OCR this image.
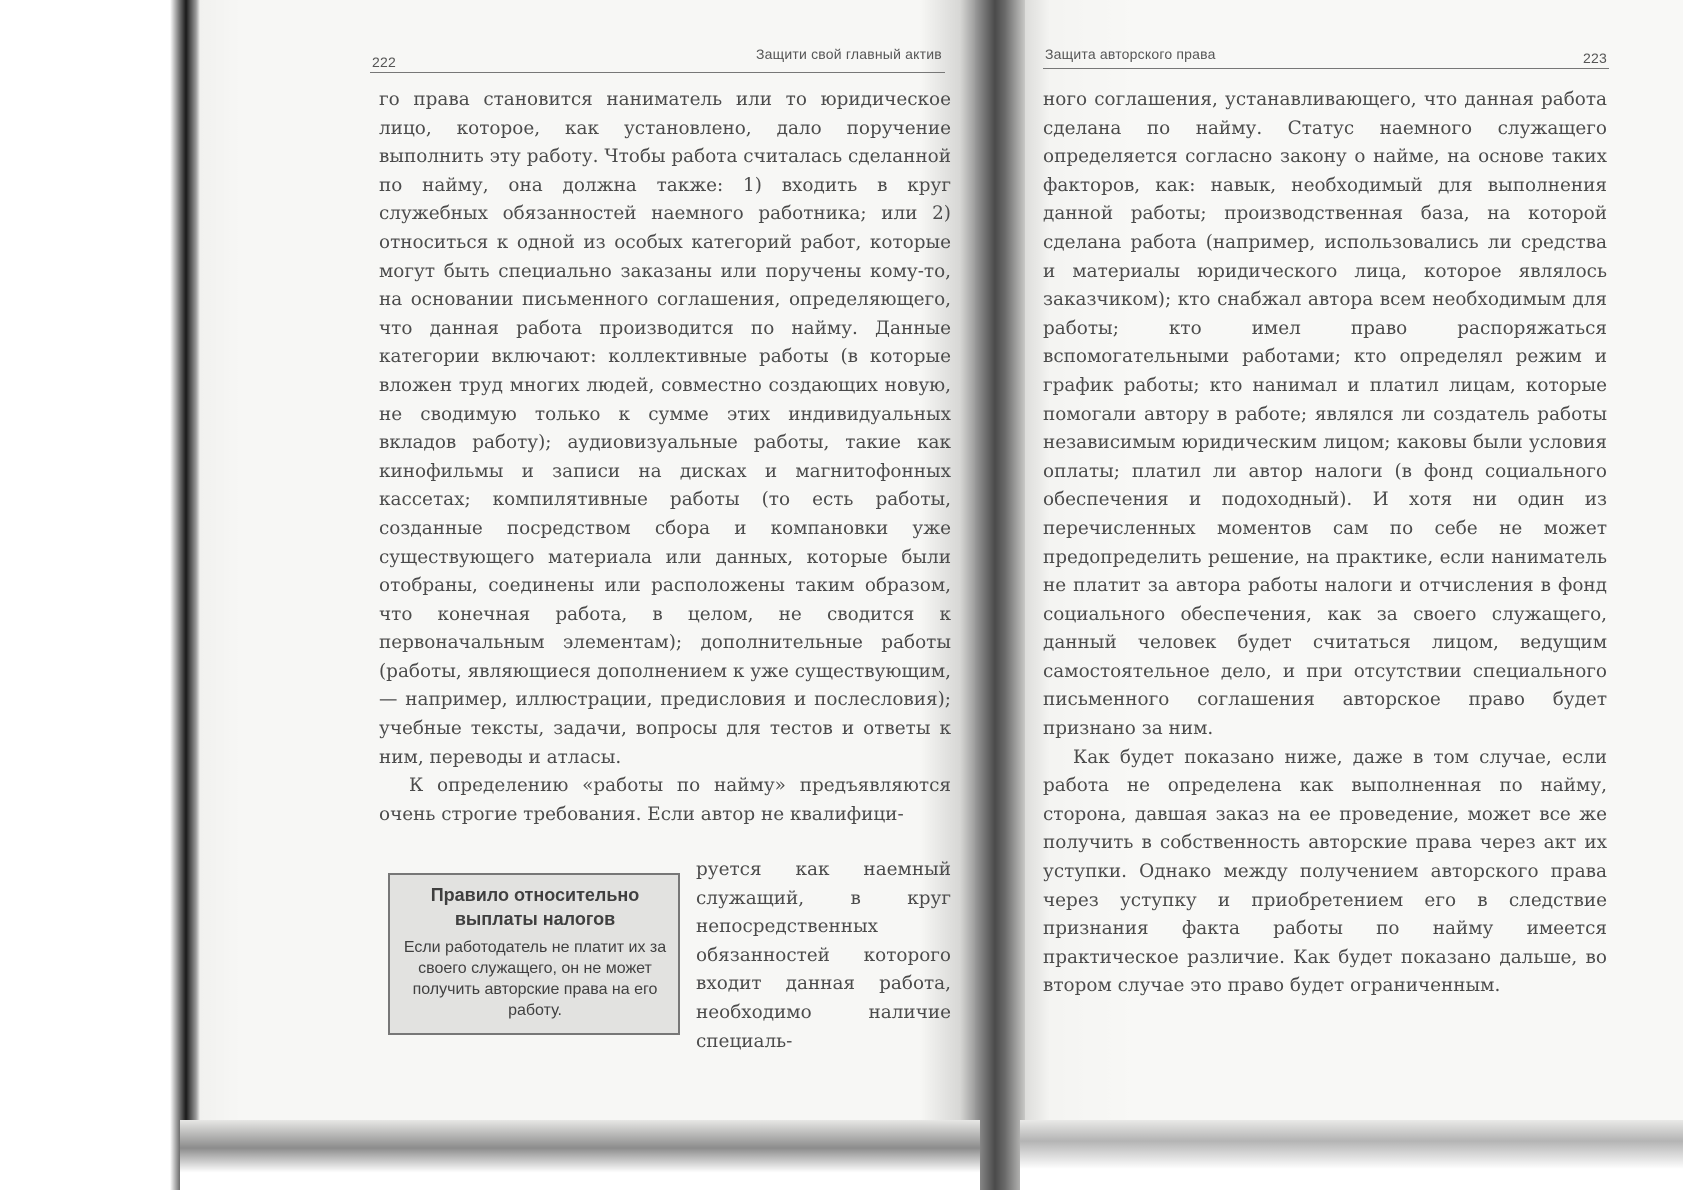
222	Защити свой главный актив

го права становится наниматель или то юридическое лицо, которое, как установлено, дало поручение выполнить эту работу. Чтобы работа считалась сделанной по найму, она должна также: 1) входить в круг служебных обязанностей наемного работника; или 2) относиться к одной из особых категорий работ, которые могут быть специально заказаны или поручены кому-то, на основании письменного соглашения, определяющего, что данная работа производится по найму. Данные категории включают: коллективные работы (в которые вложен труд многих людей, совместно создающих новую, не сводимую только к сумме этих индивидуальных вкладов работу); аудиовизуальные работы, такие как кинофильмы и записи на дисках и магнитофонных кассетах; компилятивные работы (то есть работы, созданные посредством сбора и компановки уже существующего материала или данных, которые были отобраны, соединены или расположены таким образом, что конечная работа, в целом, не сводится к первоначальным элементам); дополнительные работы (работы, являющиеся дополнением к уже существующим, — например, иллюстрации, предисловия и послесловия); учебные тексты, задачи, вопросы для тестов и ответы к ним, переводы и атласы.

К определению «работы по найму» предъявляются очень строгие требования. Если автор не квалифици-

руется как наемный служащий, в круг непосредственных обязанностей которого входит данная работа, необходимо наличие специаль-

Правило относительно выплаты налогов

Если работодатель не платит их за своего служащего, он не может получить авторские права на его работу.

Защита авторского права	223

ного соглашения, устанавливающего, что данная работа сделана по найму. Статус наемного служащего определяется согласно закону о найме, на основе таких факторов, как: навык, необходимый для выполнения данной работы; производственная база, на которой сделана работа (например, использовались ли средства и материалы юридического лица, которое являлось заказчиком); кто снабжал автора всем необходимым для работы; кто имел право распоряжаться вспомогательными работами; кто определял режим и график работы; кто нанимал и платил лицам, которые помогали автору в работе; являлся ли создатель работы независимым юридическим лицом; каковы были условия оплаты; платил ли автор налоги (в фонд социального обеспечения и подоходный). И хотя ни один из перечисленных моментов сам по себе не может предопределить решение, на практике, если наниматель не платит за автора работы налоги и отчисления в фонд социального обеспечения, как за своего служащего, данный человек будет считаться лицом, ведущим самостоятельное дело, и при отсутствии специального письменного соглашения авторское право будет признано за ним.

Как будет показано ниже, даже в том случае, если работа не определена как выполненная по найму, сторона, давшая заказ на ее проведение, может все же получить в собственность авторские права через акт их уступки. Однако между получением авторского права через уступку и приобретением его в следствие признания факта работы по найму имеется практическое различие. Как будет показано дальше, во втором случае это право будет ограниченным.
